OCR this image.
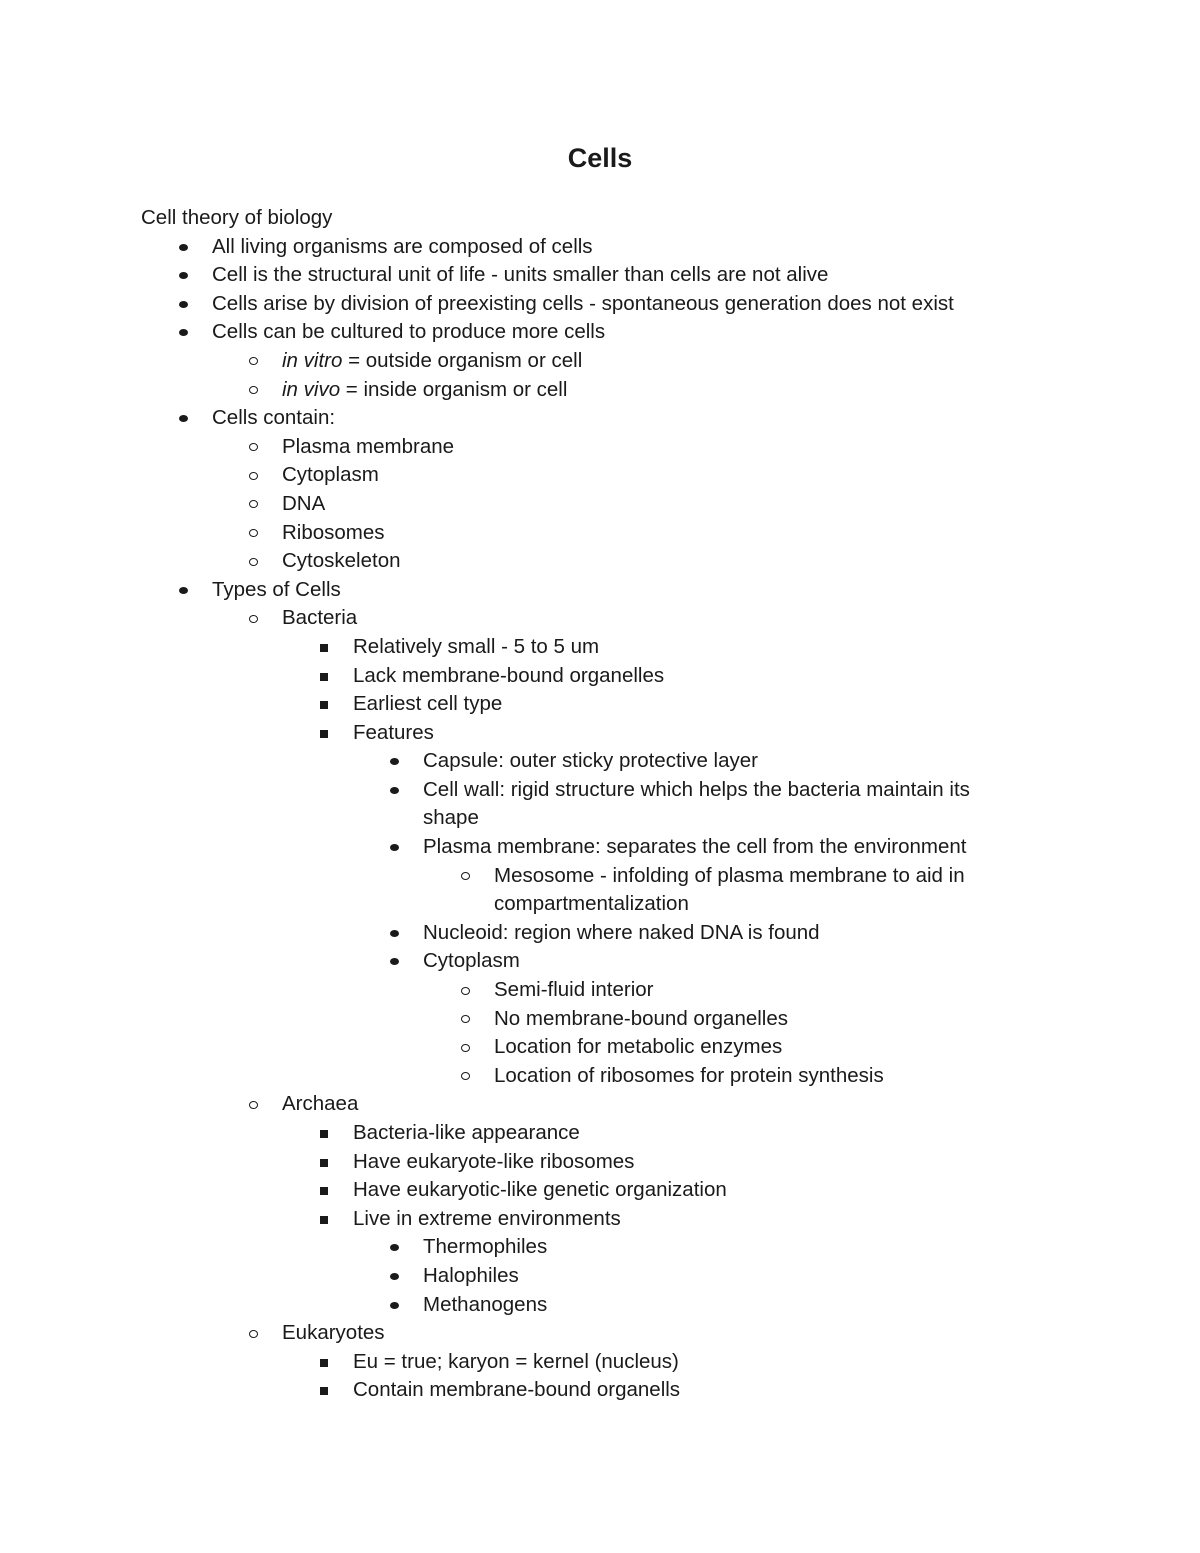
Cells

Cell theory of biology

All living organisms are composed of cells
Cell is the structural unit of life - units smaller than cells are not alive
Cells arise by division of preexisting cells - spontaneous generation does not exist
Cells can be cultured to produce more cells
in vitro = outside organism or cell
in vivo = inside organism or cell
Cells contain:
Plasma membrane
Cytoplasm
DNA
Ribosomes
Cytoskeleton
Types of Cells
Bacteria
Relatively small - 5 to 5 um
Lack membrane-bound organelles
Earliest cell type
Features
Capsule: outer sticky protective layer
Cell wall: rigid structure which helps the bacteria maintain its shape
Plasma membrane: separates the cell from the environment
Mesosome - infolding of plasma membrane to aid in compartmentalization
Nucleoid: region where naked DNA is found
Cytoplasm
Semi-fluid interior
No membrane-bound organelles
Location for metabolic enzymes
Location of ribosomes for protein synthesis
Archaea
Bacteria-like appearance
Have eukaryote-like ribosomes
Have eukaryotic-like genetic organization
Live in extreme environments
Thermophiles
Halophiles
Methanogens
Eukaryotes
Eu = true; karyon = kernel (nucleus)
Contain membrane-bound organells
